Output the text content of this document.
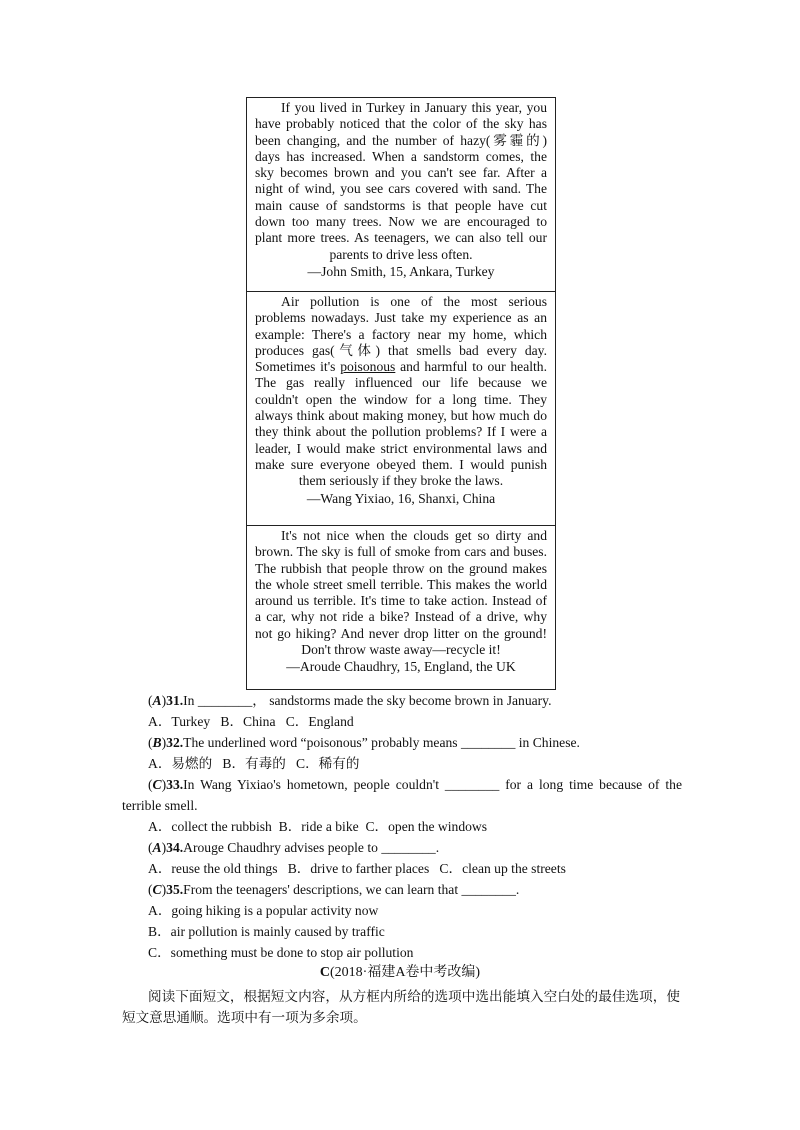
If you lived in Turkey in January this year, you have probably noticed that the color of the sky has been changing, and the number of hazy(雾霾的) days has increased. When a sandstorm comes, the sky becomes brown and you can't see far. After a night of wind, you see cars covered with sand. The main cause of sandstorms is that people have cut down too many trees. Now we are encouraged to plant more trees. As teenagers, we can also tell our parents to drive less often.
—John Smith, 15, Ankara, Turkey
Air pollution is one of the most serious problems nowadays. Just take my experience as an example: There's a factory near my home, which produces gas(气体) that smells bad every day. Sometimes it's poisonous and harmful to our health. The gas really influenced our life because we couldn't open the window for a long time. They always think about making money, but how much do they think about the pollution problems? If I were a leader, I would make strict environmental laws and make sure everyone obeyed them. I would punish them seriously if they broke the laws.
—Wang Yixiao, 16, Shanxi, China
It's not nice when the clouds get so dirty and brown. The sky is full of smoke from cars and buses. The rubbish that people throw on the ground makes the whole street smell terrible. This makes the world around us terrible. It's time to take action. Instead of a car, why not ride a bike? Instead of a drive, why not go hiking? And never drop litter on the ground! Don't throw waste away—recycle it!
—Aroude Chaudhry, 15, England, the UK
(A)31.In ________， sandstorms made the sky become brown in January.
A．Turkey   B．China   C．England
(B)32.The underlined word “poisonous” probably means ________ in Chinese.
A．易燃的   B．有毒的   C．稀有的
(C)33.In Wang Yixiao's hometown, people couldn't ________ for a long time because of the terrible smell.
A．collect the rubbish  B．ride a bike  C．open the windows
(A)34.Arouge Chaudhry advises people to ________.
A．reuse the old things   B．drive to farther places   C．clean up the streets
(C)35.From the teenagers' descriptions, we can learn that ________.
A．going hiking is a popular activity now
B．air pollution is mainly caused by traffic
C．something must be done to stop air pollution
C(2018·福建A卷中考改编)
阅读下面短文，根据短文内容，从方框内所给的选项中选出能填入空白处的最佳选项，使短文意思通顺。选项中有一项为多余项。
